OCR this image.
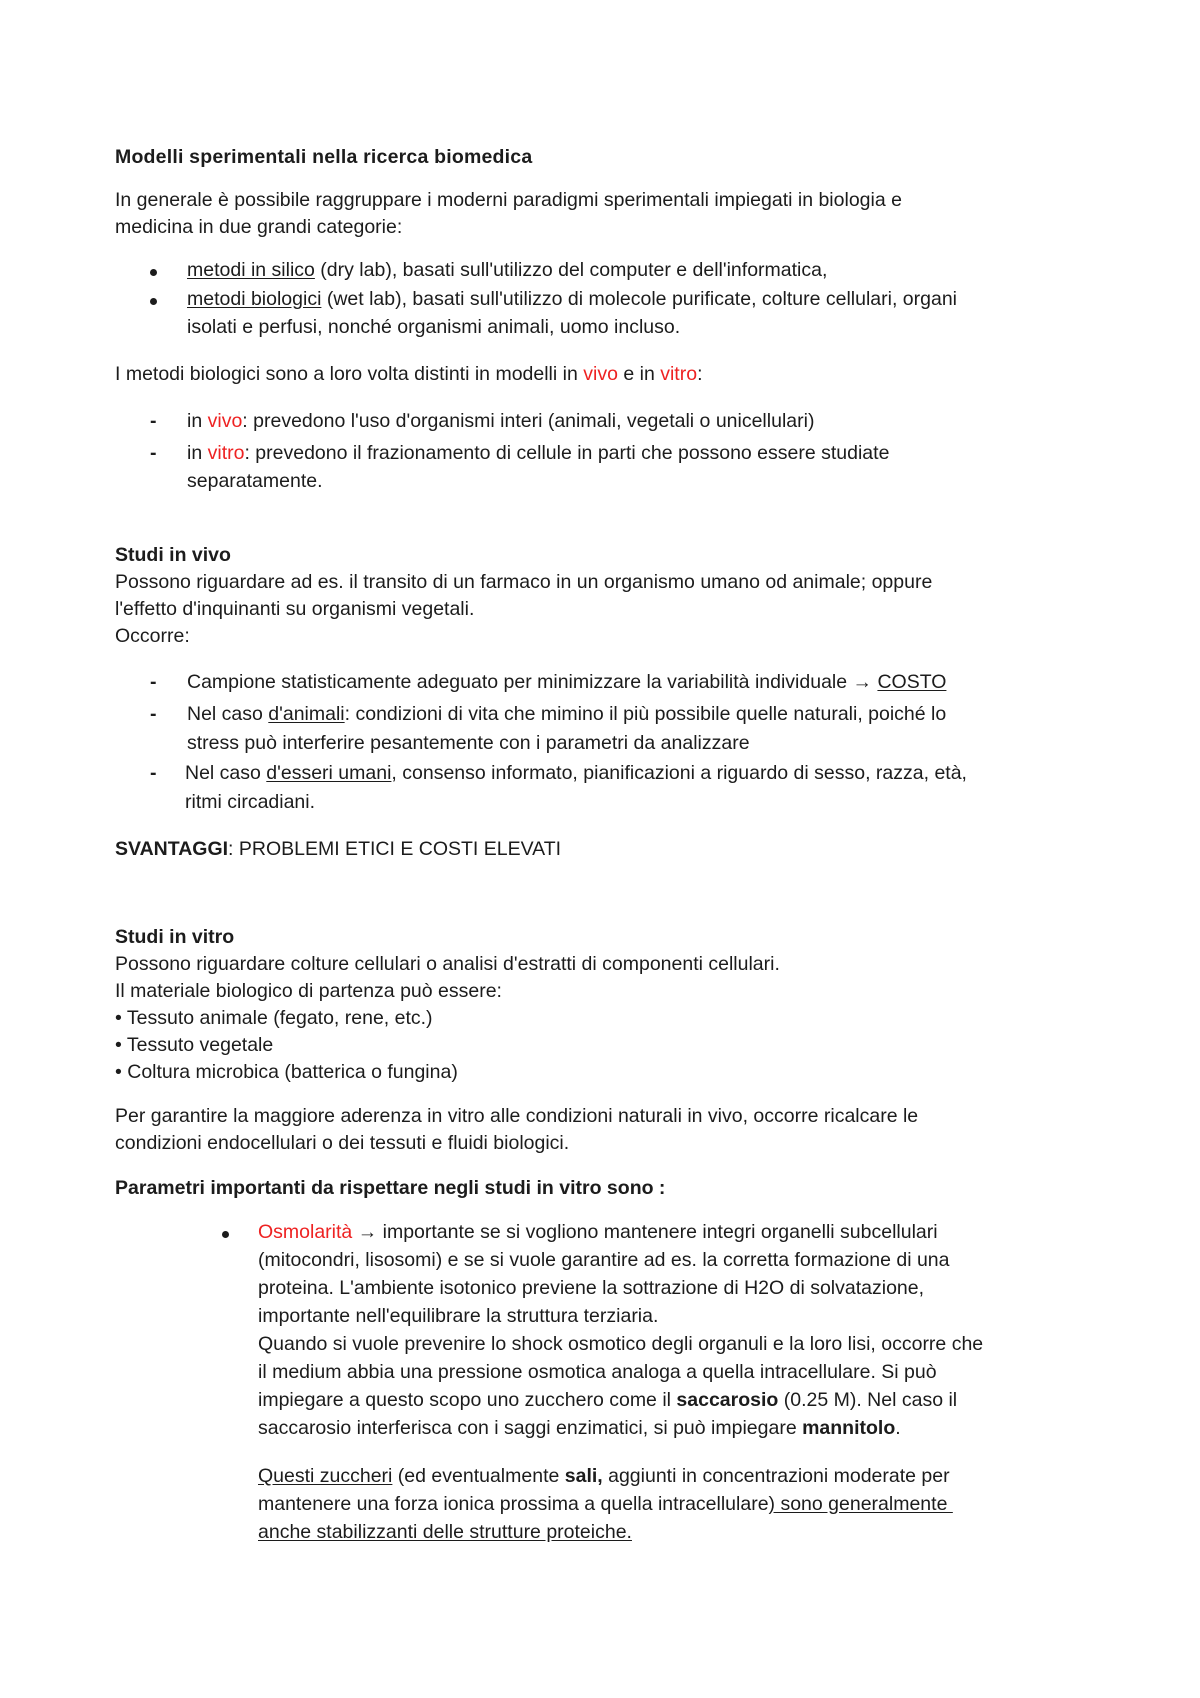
Modelli sperimentali nella ricerca biomedica
In generale è possibile raggruppare i moderni paradigmi sperimentali impiegati in biologia e
medicina in due grandi categorie:
metodi in silico (dry lab), basati sull'utilizzo del computer e dell'informatica,
metodi biologici (wet lab), basati sull'utilizzo di molecole purificate, colture cellulari, organi
isolati e perfusi, nonché organismi animali, uomo incluso.
I metodi biologici sono a loro volta distinti in modelli in vivo e in vitro:
- in vivo: prevedono l'uso d'organismi interi (animali, vegetali o unicellulari)
- in vitro: prevedono il frazionamento di cellule in parti che possono essere studiate
separatamente.
Studi in vivo
Possono riguardare ad es. il transito di un farmaco in un organismo umano od animale; oppure
l'effetto d'inquinanti su organismi vegetali.
Occorre:
- Campione statisticamente adeguato per minimizzare la variabilità individuale → COSTO
- Nel caso d'animali: condizioni di vita che mimino il più possibile quelle naturali, poiché lo
stress può interferire pesantemente con i parametri da analizzare
- Nel caso d'esseri umani, consenso informato, pianificazioni a riguardo di sesso, razza, età,
ritmi circadiani.
SVANTAGGI: PROBLEMI ETICI E COSTI ELEVATI
Studi in vitro
Possono riguardare colture cellulari o analisi d'estratti di componenti cellulari.
Il materiale biologico di partenza può essere:
• Tessuto animale (fegato, rene, etc.)
• Tessuto vegetale
• Coltura microbica (batterica o fungina)
Per garantire la maggiore aderenza in vitro alle condizioni naturali in vivo, occorre ricalcare le
condizioni endocellulari o dei tessuti e fluidi biologici.
Parametri importanti da rispettare negli studi in vitro sono :
Osmolarità → importante se si vogliono mantenere integri organelli subcellulari
(mitocondri, lisosomi) e se si vuole garantire ad es. la corretta formazione di una
proteina. L'ambiente isotonico previene la sottrazione di H2O di solvatazione,
importante nell'equilibrare la struttura terziaria.
Quando si vuole prevenire lo shock osmotico degli organuli e la loro lisi, occorre che
il medium abbia una pressione osmotica analoga a quella intracellulare. Si può
impiegare a questo scopo uno zucchero come il saccarosio (0.25 M). Nel caso il
saccarosio interferisca con i saggi enzimatici, si può impiegare mannitolo.
Questi zuccheri (ed eventualmente sali, aggiunti in concentrazioni moderate per
mantenere una forza ionica prossima a quella intracellulare) sono generalmente
anche stabilizzanti delle strutture proteiche.
